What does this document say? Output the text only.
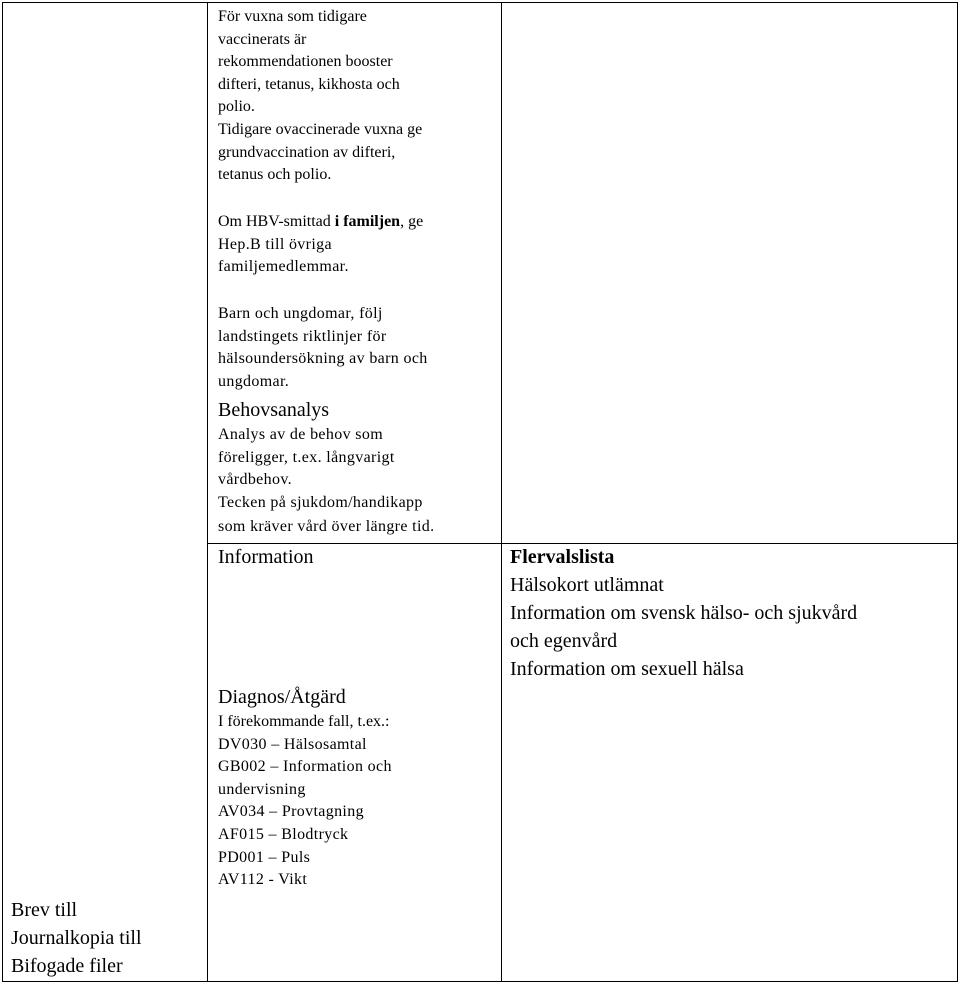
För vuxna som tidigare
vaccinerats är
rekommendationen booster
difteri, tetanus, kikhosta och
polio.
Tidigare ovaccinerade vuxna ge
grundvaccination av difteri,
tetanus och polio.
Om HBV-smittad i familjen, ge
Hep.B till övriga
familjemedlemmar.
Barn och ungdomar, följ
landstingets riktlinjer för
hälsoundersökning av barn och
ungdomar.
Behovsanalys
Analys av de behov som
föreligger, t.ex. långvarigt
vårdbehov.
Tecken på sjukdom/handikapp
som kräver vård över längre tid.
Information
Diagnos/Åtgärd
I förekommande fall, t.ex.:
DV030 – Hälsosamtal
GB002 – Information och
undervisning
AV034 – Provtagning
AF015 – Blodtryck
PD001 – Puls
AV112 - Vikt
Flervalslista
Hälsokort utlämnat
Information om svensk hälso- och sjukvård
och egenvård
Information om sexuell hälsa
Brev till
Journalkopia till
Bifogade filer
